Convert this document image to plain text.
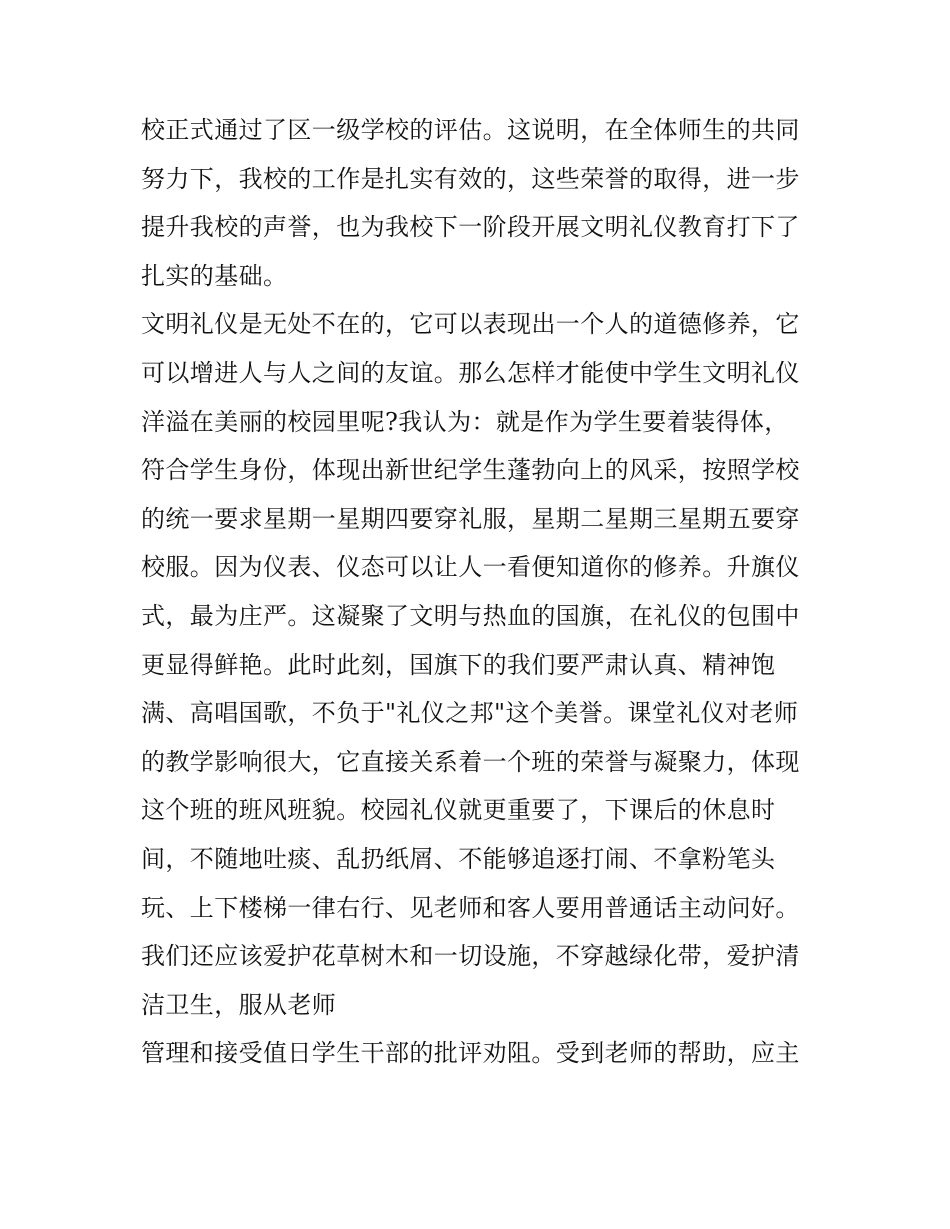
校正式通过了区一级学校的评估。这说明，在全体师生的共同
努力下，我校的工作是扎实有效的，这些荣誉的取得，进一步
提升我校的声誉，也为我校下一阶段开展文明礼仪教育打下了
扎实的基础。
文明礼仪是无处不在的，它可以表现出一个人的道德修养，它
可以增进人与人之间的友谊。那么怎样才能使中学生文明礼仪
洋溢在美丽的校园里呢?我认为：就是作为学生要着装得体，
符合学生身份，体现出新世纪学生蓬勃向上的风采，按照学校
的统一要求星期一星期四要穿礼服，星期二星期三星期五要穿
校服。因为仪表、仪态可以让人一看便知道你的修养。升旗仪
式，最为庄严。这凝聚了文明与热血的国旗，在礼仪的包围中
更显得鲜艳。此时此刻，国旗下的我们要严肃认真、精神饱
满、高唱国歌，不负于"礼仪之邦"这个美誉。课堂礼仪对老师
的教学影响很大，它直接关系着一个班的荣誉与凝聚力，体现
这个班的班风班貌。校园礼仪就更重要了，下课后的休息时
间，不随地吐痰、乱扔纸屑、不能够追逐打闹、不拿粉笔头
玩、上下楼梯一律右行、见老师和客人要用普通话主动问好。
我们还应该爱护花草树木和一切设施，不穿越绿化带，爱护清
洁卫生，服从老师
管理和接受值日学生干部的批评劝阻。受到老师的帮助，应主
